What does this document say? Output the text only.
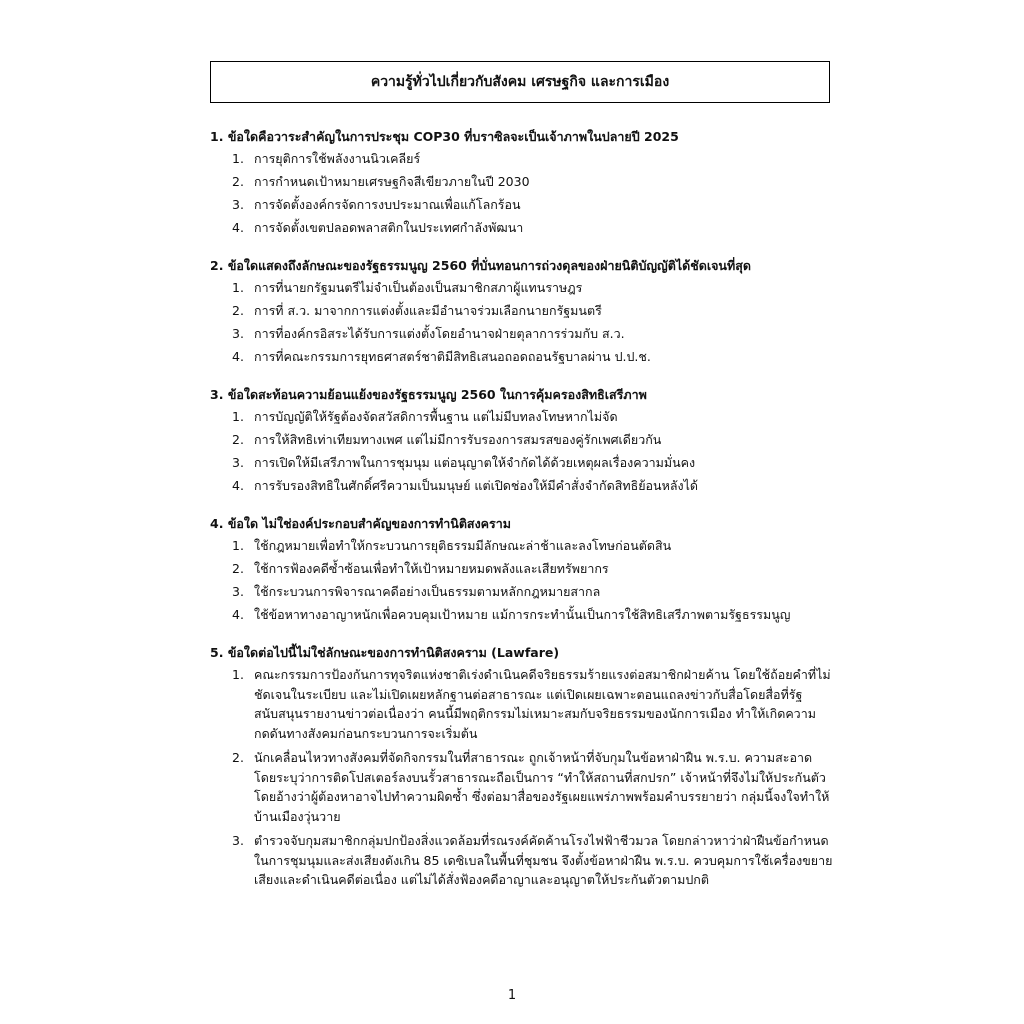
ความรู้ทั่วไปเกี่ยวกับสังคม เศรษฐกิจ และการเมือง
1. ข้อใดคือวาระสำคัญในการประชุม COP30 ที่บราซิลจะเป็นเจ้าภาพในปลายปี 2025
1. การยุติการใช้พลังงานนิวเคลียร์
2. การกำหนดเป้าหมายเศรษฐกิจสีเขียวภายในปี 2030
3. การจัดตั้งองค์กรจัดการงบประมาณเพื่อแก้โลกร้อน
4. การจัดตั้งเขตปลอดพลาสติกในประเทศกำลังพัฒนา
2. ข้อใดแสดงถึงลักษณะของรัฐธรรมนูญ 2560 ที่บั่นทอนการถ่วงดุลของฝ่ายนิติบัญญัติได้ชัดเจนที่สุด
1. การที่นายกรัฐมนตรีไม่จำเป็นต้องเป็นสมาชิกสภาผู้แทนราษฎร
2. การที่ ส.ว. มาจากการแต่งตั้งและมีอำนาจร่วมเลือกนายกรัฐมนตรี
3. การที่องค์กรอิสระได้รับการแต่งตั้งโดยอำนาจฝ่ายตุลาการร่วมกับ ส.ว.
4. การที่คณะกรรมการยุทธศาสตร์ชาติมีสิทธิเสนอถอดถอนรัฐบาลผ่าน ป.ป.ช.
3. ข้อใดสะท้อนความย้อนแย้งของรัฐธรรมนูญ 2560 ในการคุ้มครองสิทธิเสรีภาพ
1. การบัญญัติให้รัฐต้องจัดสวัสดิการพื้นฐาน แต่ไม่มีบทลงโทษหากไม่จัด
2. การให้สิทธิเท่าเทียมทางเพศ แต่ไม่มีการรับรองการสมรสของคู่รักเพศเดียวกัน
3. การเปิดให้มีเสรีภาพในการชุมนุม แต่อนุญาตให้จำกัดได้ด้วยเหตุผลเรื่องความมั่นคง
4. การรับรองสิทธิในศักดิ์ศรีความเป็นมนุษย์ แต่เปิดช่องให้มีคำสั่งจำกัดสิทธิย้อนหลังได้
4. ข้อใด ไม่ใช่องค์ประกอบสำคัญของการทำนิติสงคราม
1. ใช้กฎหมายเพื่อทำให้กระบวนการยุติธรรมมีลักษณะล่าช้าและลงโทษก่อนตัดสิน
2. ใช้การฟ้องคดีซ้ำซ้อนเพื่อทำให้เป้าหมายหมดพลังและเสียทรัพยากร
3. ใช้กระบวนการพิจารณาคดีอย่างเป็นธรรมตามหลักกฎหมายสากล
4. ใช้ข้อหาทางอาญาหนักเพื่อควบคุมเป้าหมาย แม้การกระทำนั้นเป็นการใช้สิทธิเสรีภาพตามรัฐธรรมนูญ
5. ข้อใดต่อไปนี้ไม่ใช่ลักษณะของการทำนิติสงคราม (Lawfare)
1. คณะกรรมการป้องกันการทุจริตแห่งชาติเร่งดำเนินคดีจริยธรรมร้ายแรงต่อสมาชิกฝ่ายค้าน โดยใช้ถ้อยคำที่ไม่ชัดเจนในระเบียบ และไม่เปิดเผยหลักฐานต่อสาธารณะ แต่เปิดเผยเฉพาะตอนแถลงข่าวกับสื่อโดยสื่อที่รัฐสนับสนุนรายงานข่าวต่อเนื่องว่า คนนี้มีพฤติกรรมไม่เหมาะสมกับจริยธรรมของนักการเมือง ทำให้เกิดความกดดันทางสังคมก่อนกระบวนการจะเริ่มต้น
2. นักเคลื่อนไหวทางสังคมที่จัดกิจกรรมในที่สาธารณะ ถูกเจ้าหน้าที่จับกุมในข้อหาฝ่าฝืน พ.ร.บ. ความสะอาด โดยระบุว่าการติดโปสเตอร์ลงบนรั้วสาธารณะถือเป็นการ “ทำให้สถานที่สกปรก” เจ้าหน้าที่จึงไม่ให้ประกันตัวโดยอ้างว่าผู้ต้องหาอาจไปทำความผิดซ้ำ ซึ่งต่อมาสื่อของรัฐเผยแพร่ภาพพร้อมคำบรรยายว่า กลุ่มนี้จงใจทำให้บ้านเมืองวุ่นวาย
3. ตำรวจจับกุมสมาชิกกลุ่มปกป้องสิ่งแวดล้อมที่รณรงค์คัดค้านโรงไฟฟ้าชีวมวล โดยกล่าวหาว่าฝ่าฝืนข้อกำหนดในการชุมนุมและส่งเสียงดังเกิน 85 เดซิเบลในพื้นที่ชุมชน จึงตั้งข้อหาฝ่าฝืน พ.ร.บ. ควบคุมการใช้เครื่องขยายเสียงและดำเนินคดีต่อเนื่อง แต่ไม่ได้สั่งฟ้องคดีอาญาและอนุญาตให้ประกันตัวตามปกติ
1
